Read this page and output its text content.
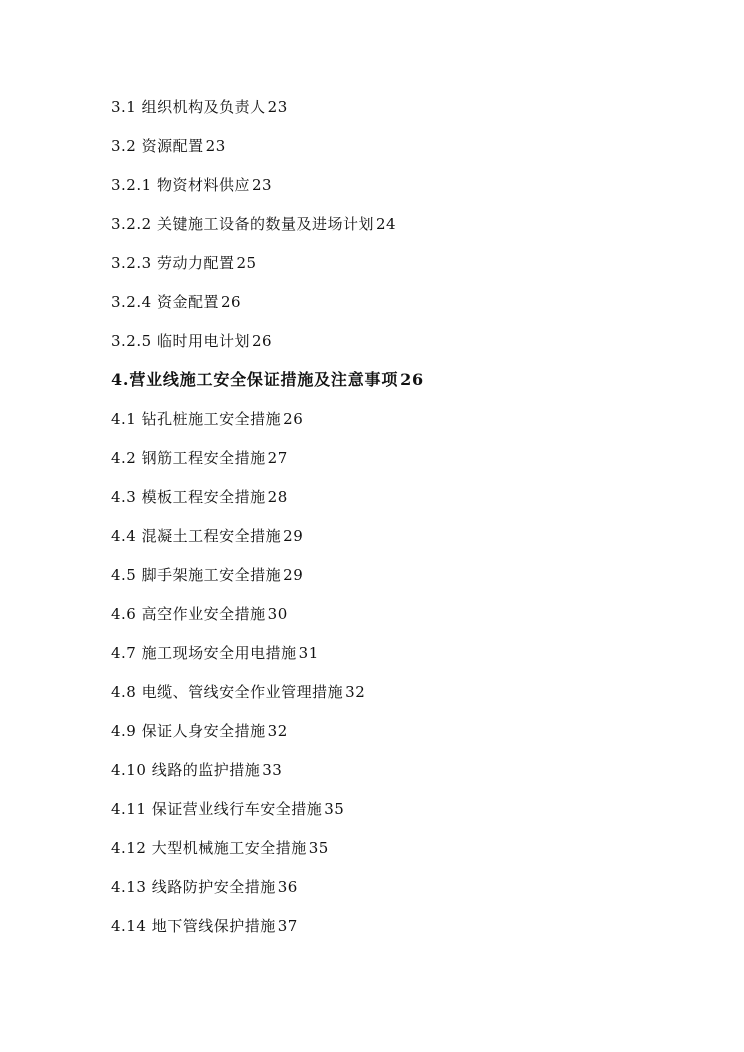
3.1 组织机构及负责人 23
3.2 资源配置 23
3.2.1 物资材料供应 23
3.2.2 关键施工设备的数量及进场计划 24
3.2.3 劳动力配置 25
3.2.4 资金配置 26
3.2.5 临时用电计划 26
4.营业线施工安全保证措施及注意事项 26
4.1 钻孔桩施工安全措施 26
4.2 钢筋工程安全措施 27
4.3 模板工程安全措施 28
4.4 混凝土工程安全措施 29
4.5 脚手架施工安全措施 29
4.6 高空作业安全措施 30
4.7 施工现场安全用电措施 31
4.8 电缆、管线安全作业管理措施 32
4.9 保证人身安全措施 32
4.10 线路的监护措施 33
4.11 保证营业线行车安全措施 35
4.12 大型机械施工安全措施 35
4.13 线路防护安全措施 36
4.14 地下管线保护措施 37
